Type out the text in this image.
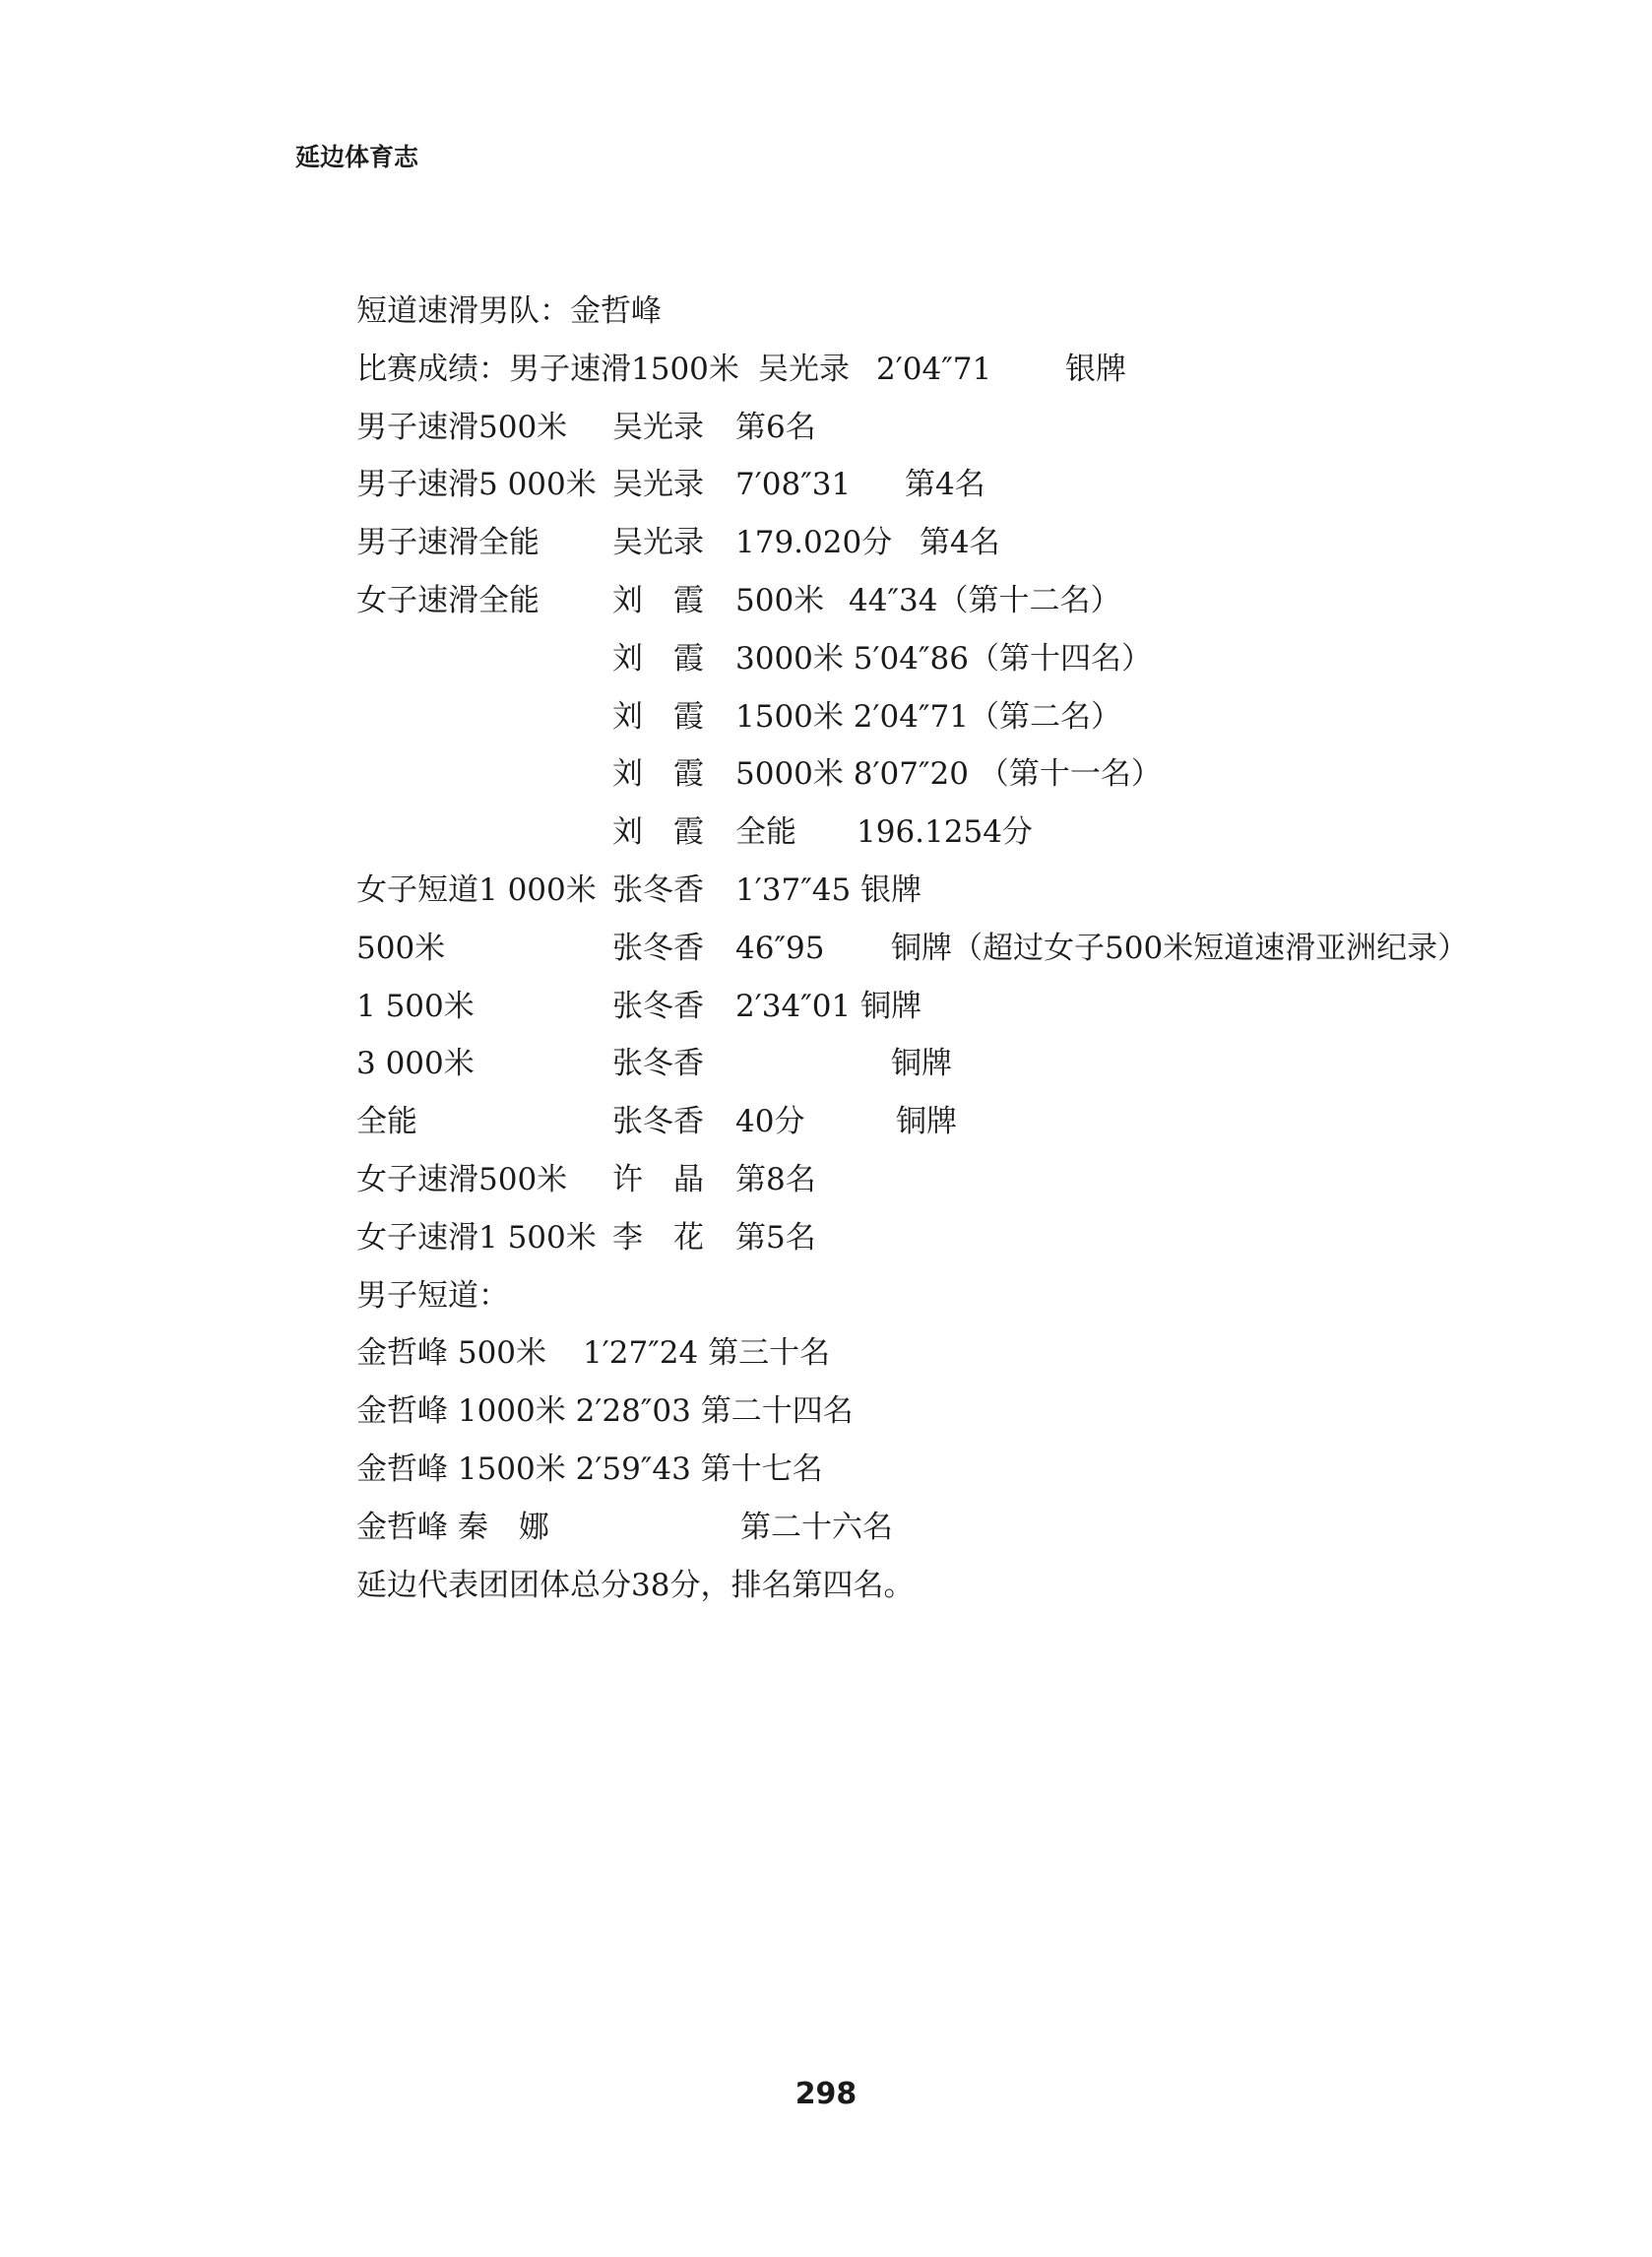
延边体育志
短道速滑男队：金哲峰
比赛成绩：男子速滑1500米 吴光录 2′04″71 银牌
男子速滑500米 吴光录 第6名
男子速滑5 000米 吴光录 7′08″31 第4名
男子速滑全能 吴光录 179.020分 第4名
女子速滑全能 刘　霞 500米 44″34（第十二名）
刘　霞 3000米 5′04″86（第十四名）
刘　霞 1500米 2′04″71（第二名）
刘　霞 5000米 8′07″20 （第十一名）
刘　霞 全能 196.1254分
女子短道1 000米 张冬香 1′37″45 银牌
500米	张冬香 46″95 铜牌（超过女子500米短道速滑亚洲纪录）
1 500米	张冬香 2′34″01 铜牌
3 000米	张冬香	铜牌
全能	张冬香 40分	铜牌
女子速滑500米 许　晶 第8名
女子速滑1 500米 李　花 第5名
男子短道：
金哲峰 500米 1′27″24 第三十名
金哲峰 1000米 2′28″03 第二十四名
金哲峰 1500米 2′59″43 第十七名
金哲峰 秦　娜	第二十六名
延边代表团团体总分38分，排名第四名。
298
